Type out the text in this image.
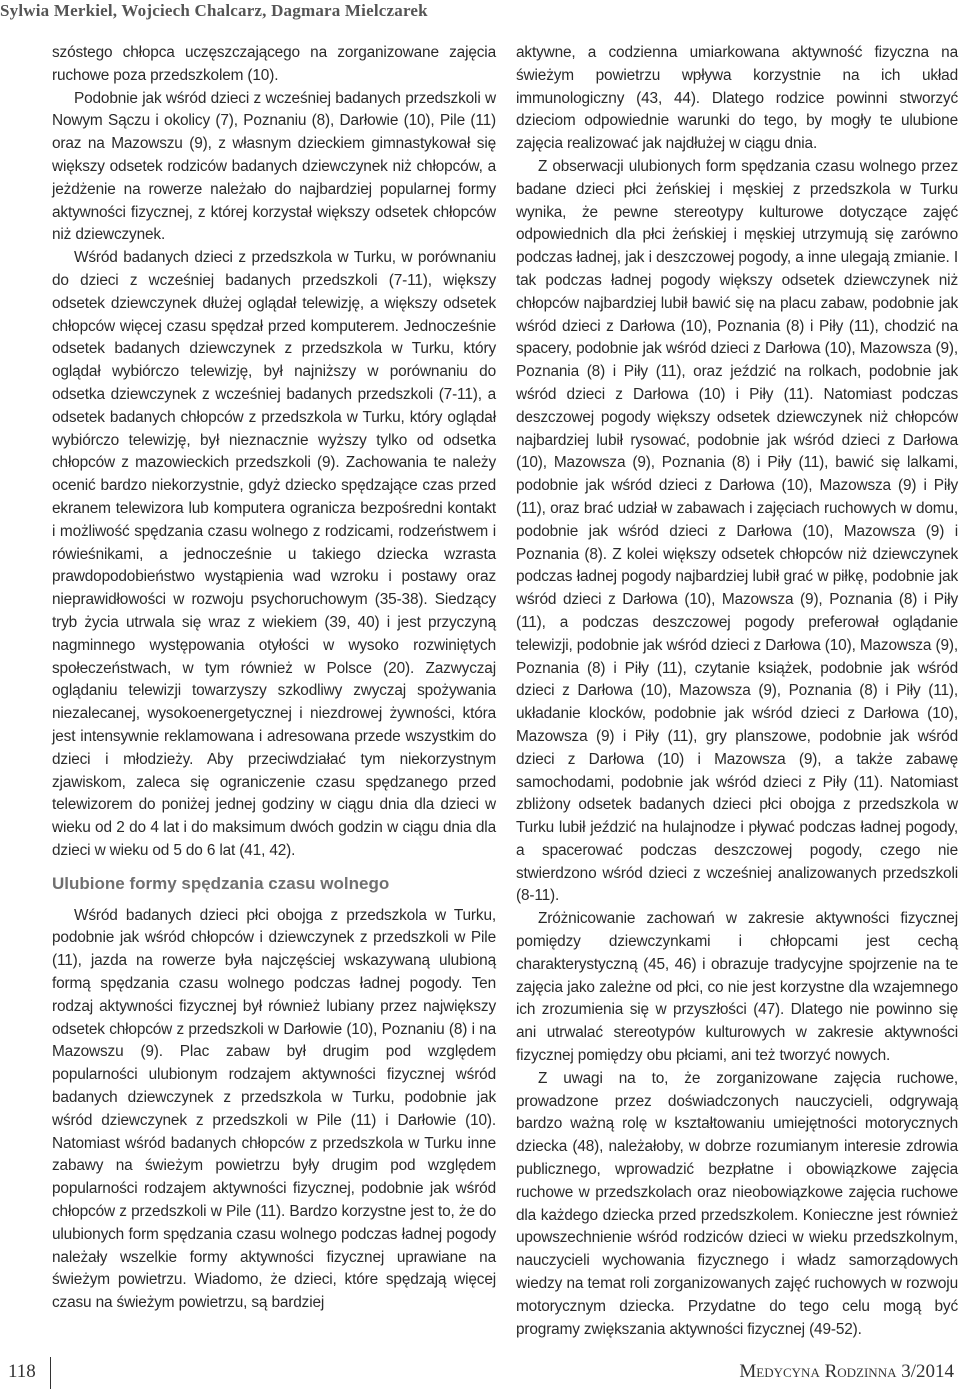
Sylwia Merkiel, Wojciech Chalcarz, Dagmara Mielczarek

szóstego chłopca uczęszczającego na zorganizowane zajęcia ruchowe poza przedszkolem (10).

Podobnie jak wśród dzieci z wcześniej badanych przedszkoli w Nowym Sączu i okolicy (7), Poznaniu (8), Darłowie (10), Pile (11) oraz na Mazowszu (9), z własnym dzieckiem gimnastykował się większy odsetek rodziców badanych dziewczynek niż chłopców, a jeżdżenie na rowerze należało do najbardziej popularnej formy aktywności fizycznej, z której korzystał większy odsetek chłopców niż dziewczynek.

Wśród badanych dzieci z przedszkola w Turku, w porównaniu do dzieci z wcześniej badanych przedszkoli (7-11), większy odsetek dziewczynek dłużej oglądał telewizję, a większy odsetek chłopców więcej czasu spędzał przed komputerem. Jednocześnie odsetek badanych dziewczynek z przedszkola w Turku, który oglądał wybiórczo telewizję, był najniższy w porównaniu do odsetka dziewczynek z wcześniej badanych przedszkoli (7-11), a odsetek badanych chłopców z przedszkola w Turku, który oglądał wybiórczo telewizję, był nieznacznie wyższy tylko od odsetka chłopców z mazowieckich przedszkoli (9). Zachowania te należy ocenić bardzo niekorzystnie, gdyż dziecko spędzające czas przed ekranem telewizora lub komputera ogranicza bezpośredni kontakt i możliwość spędzania czasu wolnego z rodzicami, rodzeństwem i rówieśnikami, a jednocześnie u takiego dziecka wzrasta prawdopodobieństwo wystąpienia wad wzroku i postawy oraz nieprawidłowości w rozwoju psychoruchowym (35-38). Siedzący tryb życia utrwala się wraz z wiekiem (39, 40) i jest przyczyną nagminnego występowania otyłości w wysoko rozwiniętych społeczeństwach, w tym również w Polsce (20). Zazwyczaj oglądaniu telewizji towarzyszy szkodliwy zwyczaj spożywania niezalecanej, wysokoenergetycznej i niezdrowej żywności, która jest intensywnie reklamowana i adresowana przede wszystkim do dzieci i młodzieży. Aby przeciwdziałać tym niekorzystnym zjawiskom, zaleca się ograniczenie czasu spędzanego przed telewizorem do poniżej jednej godziny w ciągu dnia dla dzieci w wieku od 2 do 4 lat i do maksimum dwóch godzin w ciągu dnia dla dzieci w wieku od 5 do 6 lat (41, 42).

Ulubione formy spędzania czasu wolnego

Wśród badanych dzieci płci obojga z przedszkola w Turku, podobnie jak wśród chłopców i dziewczynek z przedszkoli w Pile (11), jazda na rowerze była najczęściej wskazywaną ulubioną formą spędzania czasu wolnego podczas ładnej pogody. Ten rodzaj aktywności fizycznej był również lubiany przez największy odsetek chłopców z przedszkoli w Darłowie (10), Poznaniu (8) i na Mazowszu (9). Plac zabaw był drugim pod względem popularności ulubionym rodzajem aktywności fizycznej wśród badanych dziewczynek z przedszkola w Turku, podobnie jak wśród dziewczynek z przedszkoli w Pile (11) i Darłowie (10). Natomiast wśród badanych chłopców z przedszkola w Turku inne zabawy na świeżym powietrzu były drugim pod względem popularności rodzajem aktywności fizycznej, podobnie jak wśród chłopców z przedszkoli w Pile (11). Bardzo korzystne jest to, że do ulubionych form spędzania czasu wolnego podczas ładnej pogody należały wszelkie formy aktywności fizycznej uprawiane na świeżym powietrzu. Wiadomo, że dzieci, które spędzają więcej czasu na świeżym powietrzu, są bardziej

aktywne, a codzienna umiarkowana aktywność fizyczna na świeżym powietrzu wpływa korzystnie na ich układ immunologiczny (43, 44). Dlatego rodzice powinni stworzyć dzieciom odpowiednie warunki do tego, by mogły te ulubione zajęcia realizować jak najdłużej w ciągu dnia.

Z obserwacji ulubionych form spędzania czasu wolnego przez badane dzieci płci żeńskiej i męskiej z przedszkola w Turku wynika, że pewne stereotypy kulturowe dotyczące zajęć odpowiednich dla płci żeńskiej i męskiej utrzymują się zarówno podczas ładnej, jak i deszczowej pogody, a inne ulegają zmianie. I tak podczas ładnej pogody większy odsetek dziewczynek niż chłopców najbardziej lubił bawić się na placu zabaw, podobnie jak wśród dzieci z Darłowa (10), Poznania (8) i Piły (11), chodzić na spacery, podobnie jak wśród dzieci z Darłowa (10), Mazowsza (9), Poznania (8) i Piły (11), oraz jeździć na rolkach, podobnie jak wśród dzieci z Darłowa (10) i Piły (11). Natomiast podczas deszczowej pogody większy odsetek dziewczynek niż chłopców najbardziej lubił rysować, podobnie jak wśród dzieci z Darłowa (10), Mazowsza (9), Poznania (8) i Piły (11), bawić się lalkami, podobnie jak wśród dzieci z Darłowa (10), Mazowsza (9) i Piły (11), oraz brać udział w zabawach i zajęciach ruchowych w domu, podobnie jak wśród dzieci z Darłowa (10), Mazowsza (9) i Poznania (8). Z kolei większy odsetek chłopców niż dziewczynek podczas ładnej pogody najbardziej lubił grać w piłkę, podobnie jak wśród dzieci z Darłowa (10), Mazowsza (9), Poznania (8) i Piły (11), a podczas deszczowej pogody preferował oglądanie telewizji, podobnie jak wśród dzieci z Darłowa (10), Mazowsza (9), Poznania (8) i Piły (11), czytanie książek, podobnie jak wśród dzieci z Darłowa (10), Mazowsza (9), Poznania (8) i Piły (11), układanie klocków, podobnie jak wśród dzieci z Darłowa (10), Mazowsza (9) i Piły (11), gry planszowe, podobnie jak wśród dzieci z Darłowa (10) i Mazowsza (9), a także zabawę samochodami, podobnie jak wśród dzieci z Piły (11). Natomiast zbliżony odsetek badanych dzieci płci obojga z przedszkola w Turku lubił jeździć na hulajnodze i pływać podczas ładnej pogody, a spacerować podczas deszczowej pogody, czego nie stwierdzono wśród dzieci z wcześniej analizowanych przedszkoli (8-11).

Zróżnicowanie zachowań w zakresie aktywności fizycznej pomiędzy dziewczynkami i chłopcami jest cechą charakterystyczną (45, 46) i obrazuje tradycyjne spojrzenie na te zajęcia jako zależne od płci, co nie jest korzystne dla wzajemnego ich zrozumienia się w przyszłości (47). Dlatego nie powinno się ani utrwalać stereotypów kulturowych w zakresie aktywności fizycznej pomiędzy obu płciami, ani też tworzyć nowych.

Z uwagi na to, że zorganizowane zajęcia ruchowe, prowadzone przez doświadczonych nauczycieli, odgrywają bardzo ważną rolę w kształtowaniu umiejętności motorycznych dziecka (48), należałoby, w dobrze rozumianym interesie zdrowia publicznego, wprowadzić bezpłatne i obowiązkowe zajęcia ruchowe w przedszkolach oraz nieobowiązkowe zajęcia ruchowe dla każdego dziecka przed przedszkolem. Konieczne jest również upowszechnienie wśród rodziców dzieci w wieku przedszkolnym, nauczycieli wychowania fizycznego i władz samorządowych wiedzy na temat roli zorganizowanych zajęć ruchowych w rozwoju motorycznym dziecka. Przydatne do tego celu mogą być programy zwiększania aktywności fizycznej (49-52).

118	Medycyna Rodzinna 3/2014
